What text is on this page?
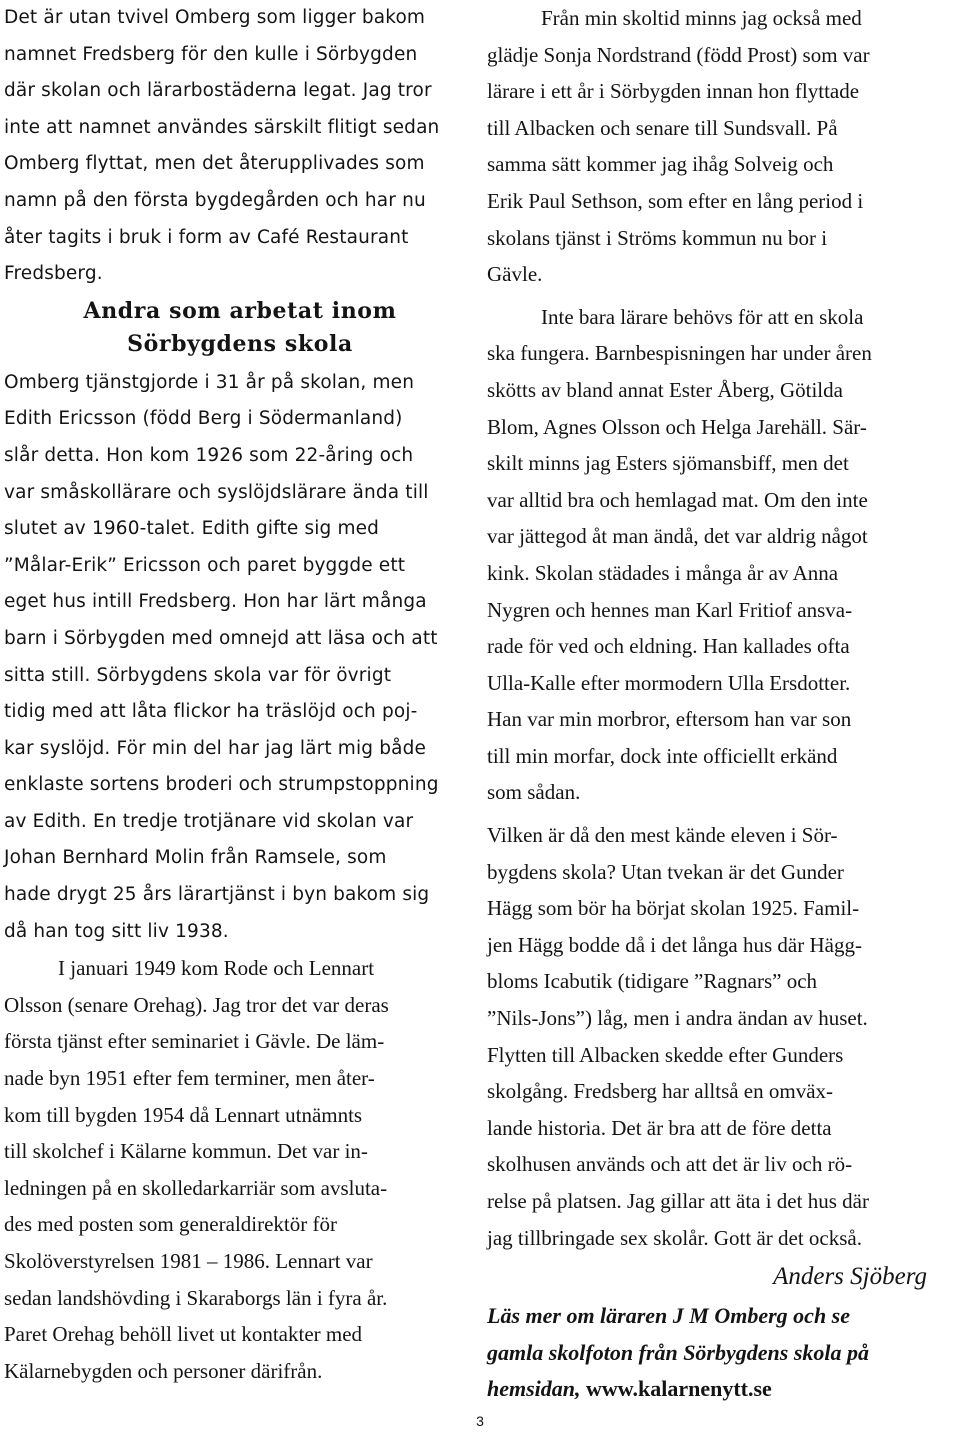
Det är utan tvivel Omberg som ligger bakom
namnet Fredsberg för den kulle i Sörbygden
där skolan och lärarbostäderna legat. Jag tror
inte att namnet användes särskilt flitigt sedan
Omberg flyttat, men det återupplivades som
namn på den första bygdegården och har nu
åter tagits i bruk i form av Café Restaurant
Fredsberg.
Andra som arbetat inom
Sörbygdens skola
Omberg tjänstgjorde i 31 år på skolan, men
Edith Ericsson (född Berg i Södermanland)
slår detta. Hon kom 1926 som 22-åring och
var småskollärare och syslöjdslärare ända till
slutet av 1960-talet. Edith gifte sig med
”Målar-Erik” Ericsson och paret byggde ett
eget hus intill Fredsberg. Hon har lärt många
barn i Sörbygden med omnejd att läsa och att
sitta still. Sörbygdens skola var för övrigt
tidig med att låta flickor ha träslöjd och poj-
kar syslöjd. För min del har jag lärt mig både
enklaste sortens broderi och strumpstoppning
av Edith. En tredje trotjänare vid skolan var
Johan Bernhard Molin från Ramsele, som
hade drygt 25 års lärartjänst i byn bakom sig
då han tog sitt liv 1938.
I januari 1949 kom Rode och Lennart
Olsson (senare Orehag). Jag tror det var deras
första tjänst efter seminariet i Gävle. De läm-
nade byn 1951 efter fem terminer, men åter-
kom till bygden 1954 då Lennart utnämnts
till skolchef i Kälarne kommun. Det var in-
ledningen på en skolledarkarriär som avsluta-
des med posten som generaldirektör för
Skolöverstyrelsen 1981 – 1986. Lennart var
sedan landshövding i Skaraborgs län i fyra år.
Paret Orehag behöll livet ut kontakter med
Kälarnebygden och personer därifrån.
Från min skoltid minns jag också med
glädje Sonja Nordstrand (född Prost) som var
lärare i ett år i Sörbygden innan hon flyttade
till Albacken och senare till Sundsvall. På
samma sätt kommer jag ihåg Solveig och
Erik Paul Sethson, som efter en lång period i
skolans tjänst i Ströms kommun nu bor i
Gävle.
Inte bara lärare behövs för att en skola
ska fungera. Barnbespisningen har under åren
skötts av bland annat Ester Åberg, Götilda
Blom, Agnes Olsson och Helga Jarehäll. Sär-
skilt minns jag Esters sjömansbiff, men det
var alltid bra och hemlagad mat. Om den inte
var jättegod åt man ändå, det var aldrig något
kink. Skolan städades i många år av Anna
Nygren och hennes man Karl Fritiof ansva-
rade för ved och eldning. Han kallades ofta
Ulla-Kalle efter mormodern Ulla Ersdotter.
Han var min morbror, eftersom han var son
till min morfar, dock inte officiellt erkänd
som sådan.
Vilken är då den mest kände eleven i Sör-
bygdens skola? Utan tvekan är det Gunder
Hägg som bör ha börjat skolan 1925. Famil-
jen Hägg bodde då i det långa hus där Hägg-
bloms Icabutik (tidigare ”Ragnars” och
”Nils-Jons”) låg, men i andra ändan av huset.
Flytten till Albacken skedde efter Gunders
skolgång. Fredsberg har alltså en omväx-
lande historia. Det är bra att de före detta
skolhusen används och att det är liv och rö-
relse på platsen. Jag gillar att äta i det hus där
jag tillbringade sex skolår. Gott är det också.
Anders Sjöberg
Läs mer om läraren J M Omberg och se
gamla skolfoton från Sörbygdens skola på
hemsidan, www.kalarnenytt.se
3
